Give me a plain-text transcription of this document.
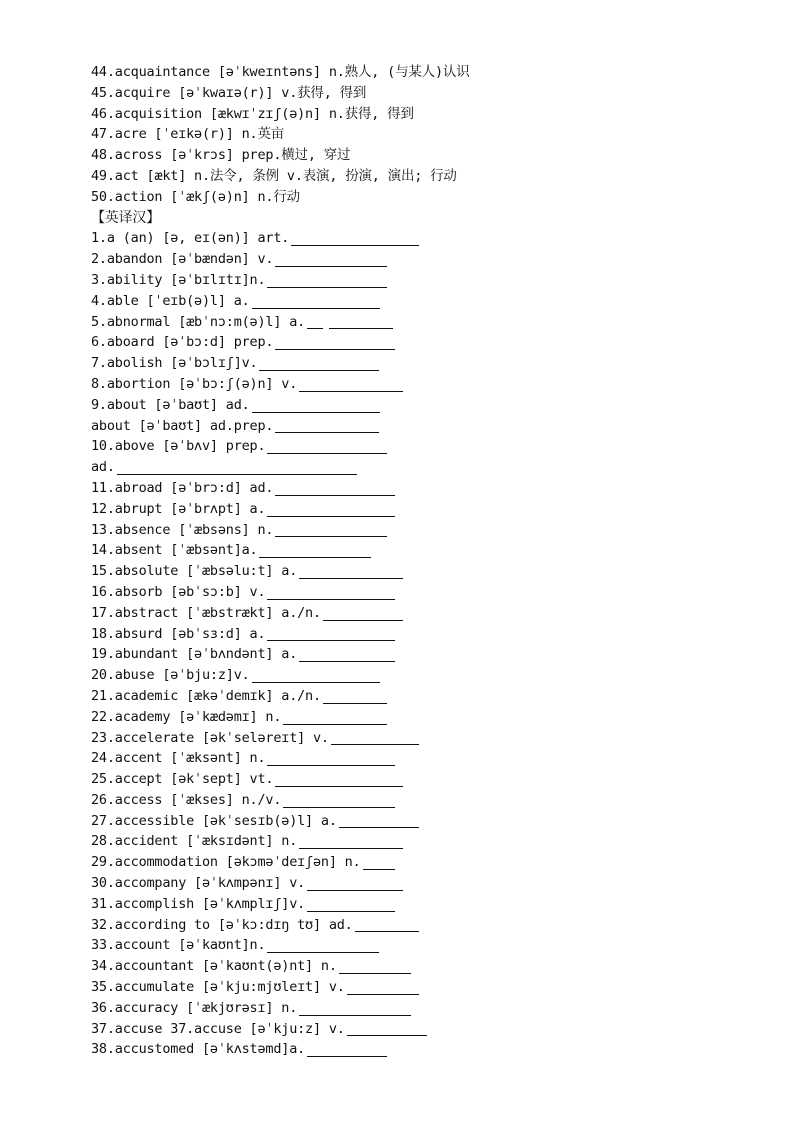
44.acquaintance [əˈkweɪntəns] n.熟人, (与某人)认识
45.acquire [əˈkwaɪə(r)] v.获得, 得到
46.acquisition [ækwɪˈzɪʃ(ə)n] n.获得, 得到
47.acre [ˈeɪkə(r)] n.英亩
48.across [əˈkrɔs] prep.横过, 穿过
49.act [ækt] n.法令, 条例 v.表演, 扮演, 演出; 行动
50.action [ˈækʃ(ə)n] n.行动
【英译汉】
1.a (an) [ə, eɪ(ən)] art.
2.abandon [əˈbændən] v.
3.ability [əˈbɪlɪtɪ]n.
4.able [ˈeɪb(ə)l] a.
5.abnormal [æbˈnɔ:m(ə)l] a.
6.aboard [əˈbɔ:d] prep.
7.abolish [əˈbɔlɪʃ]v.
8.abortion [əˈbɔ:ʃ(ə)n] v.
9.about [əˈbaʊt] ad.
about [əˈbaʊt] ad.prep.
10.above [əˈbʌv] prep.
ad.
11.abroad [əˈbrɔ:d] ad.
12.abrupt [əˈbrʌpt] a.
13.absence [ˈæbsəns] n.
14.absent [ˈæbsənt]a.
15.absolute [ˈæbsəlu:t] a.
16.absorb [əbˈsɔ:b] v.
17.abstract [ˈæbstrækt] a./n.
18.absurd [əbˈsɜ:d] a.
19.abundant [əˈbʌndənt] a.
20.abuse [əˈbju:z]v.
21.academic [ækəˈdemɪk] a./n.
22.academy [əˈkædəmɪ] n.
23.accelerate [əkˈseləreɪt] v.
24.accent [ˈæksənt] n.
25.accept [əkˈsept] vt.
26.access [ˈækses] n./v.
27.accessible [əkˈsesɪb(ə)l] a.
28.accident [ˈæksɪdənt] n.
29.accommodation [əkɔməˈdeɪʃən] n.
30.accompany [əˈkʌmpənɪ] v.
31.accomplish [əˈkʌmplɪʃ]v.
32.according to [əˈkɔ:dɪŋ tʊ] ad.
33.account [əˈkaʊnt]n.
34.accountant [əˈkaʊnt(ə)nt] n.
35.accumulate [əˈkju:mjʊleɪt] v.
36.accuracy [ˈækjʊrəsɪ] n.
37.accuse 37.accuse [əˈkju:z] v.
38.accustomed [əˈkʌstəmd]a.
